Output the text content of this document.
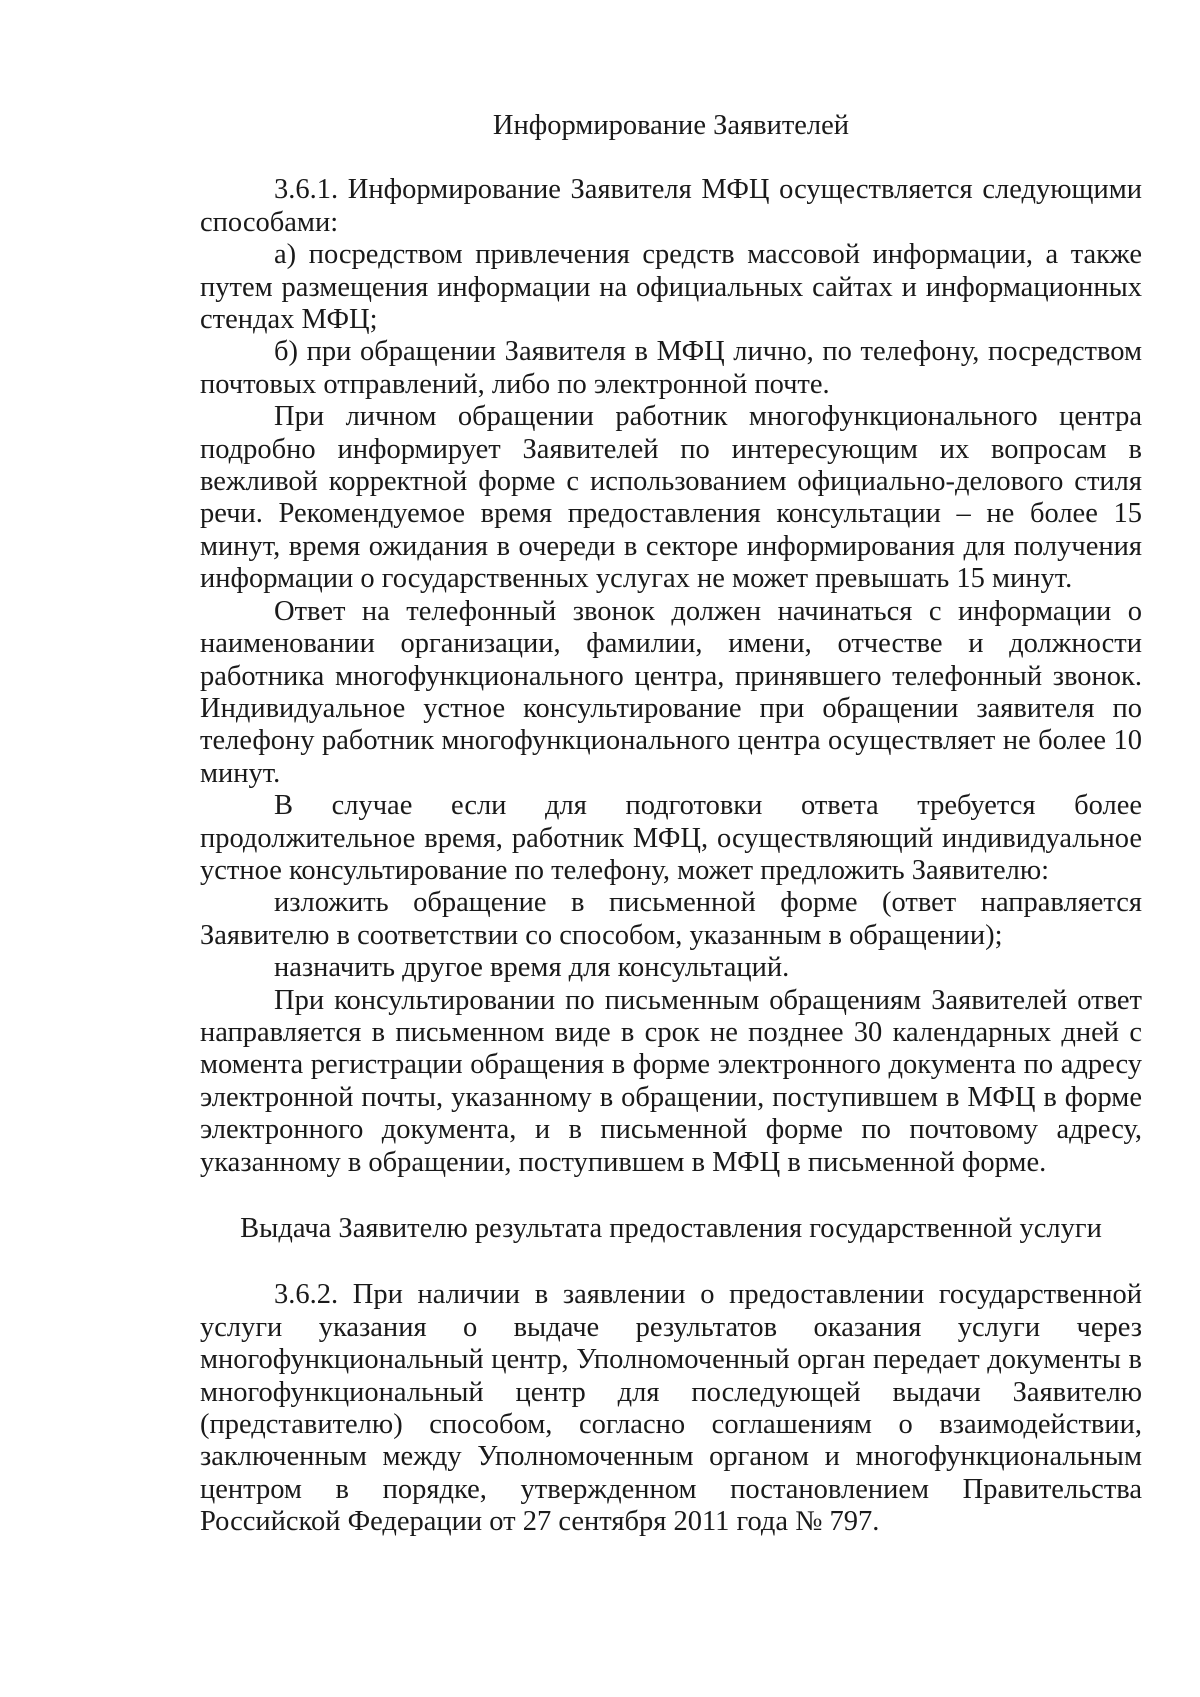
Информирование Заявителей

3.6.1. Информирование Заявителя МФЦ осуществляется следующими способами:

а) посредством привлечения средств массовой информации, а также путем размещения информации на официальных сайтах и информационных стендах МФЦ;

б) при обращении Заявителя в МФЦ лично, по телефону, посредством почтовых отправлений, либо по электронной почте.

При личном обращении работник многофункционального центра подробно информирует Заявителей по интересующим их вопросам в вежливой корректной форме с использованием официально-делового стиля речи. Рекомендуемое время предоставления консультации – не более 15 минут, время ожидания в очереди в секторе информирования для получения информации о государственных услугах не может превышать 15 минут.

Ответ на телефонный звонок должен начинаться с информации о наименовании организации, фамилии, имени, отчестве и должности работника многофункционального центра, принявшего телефонный звонок. Индивидуальное устное консультирование при обращении заявителя по телефону работник многофункционального центра осуществляет не более 10 минут.

В случае если для подготовки ответа требуется более продолжительное время, работник МФЦ, осуществляющий индивидуальное устное консультирование по телефону, может предложить Заявителю:

изложить обращение в письменной форме (ответ направляется Заявителю в соответствии со способом, указанным в обращении);

назначить другое время для консультаций.

При консультировании по письменным обращениям Заявителей ответ направляется в письменном виде в срок не позднее 30 календарных дней с момента регистрации обращения в форме электронного документа по адресу электронной почты, указанному в обращении, поступившем в МФЦ в форме электронного документа, и в письменной форме по почтовому адресу, указанному в обращении, поступившем в МФЦ в письменной форме.

Выдача Заявителю результата предоставления государственной услуги

3.6.2. При наличии в заявлении о предоставлении государственной услуги указания о выдаче результатов оказания услуги через многофункциональный центр, Уполномоченный орган передает документы в многофункциональный центр для последующей выдачи Заявителю (представителю) способом, согласно соглашениям о взаимодействии, заключенным между Уполномоченным органом и многофункциональным центром в порядке, утвержденном постановлением Правительства Российской Федерации от 27 сентября 2011 года № 797.
